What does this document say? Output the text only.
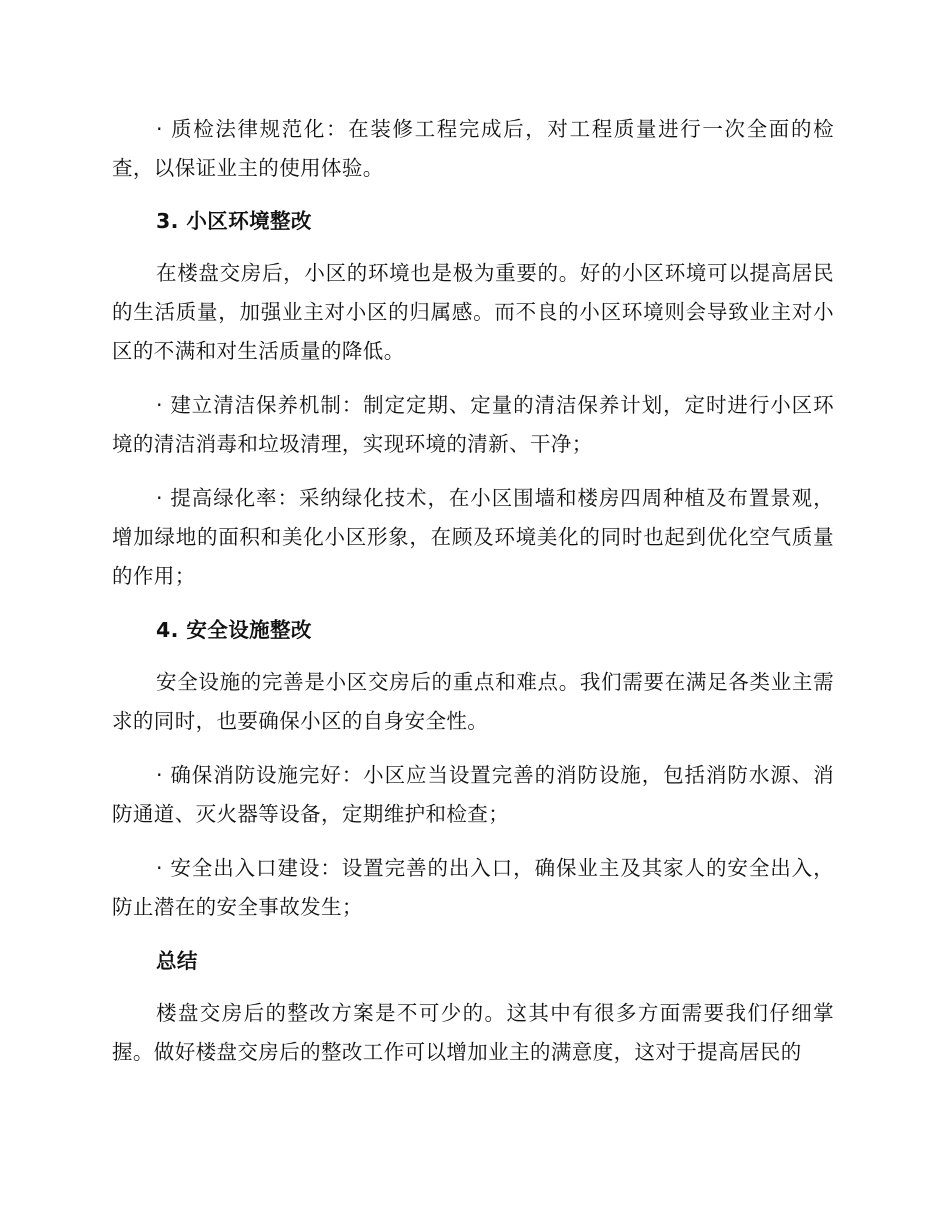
· 质检法律规范化：在装修工程完成后，对工程质量进行一次全面的检查，以保证业主的使用体验。

3. 小区环境整改

在楼盘交房后，小区的环境也是极为重要的。好的小区环境可以提高居民的生活质量，加强业主对小区的归属感。而不良的小区环境则会导致业主对小区的不满和对生活质量的降低。

· 建立清洁保养机制：制定定期、定量的清洁保养计划，定时进行小区环境的清洁消毒和垃圾清理，实现环境的清新、干净；

· 提高绿化率：采纳绿化技术，在小区围墙和楼房四周种植及布置景观，增加绿地的面积和美化小区形象，在顾及环境美化的同时也起到优化空气质量的作用；

4. 安全设施整改

安全设施的完善是小区交房后的重点和难点。我们需要在满足各类业主需求的同时，也要确保小区的自身安全性。

· 确保消防设施完好：小区应当设置完善的消防设施，包括消防水源、消防通道、灭火器等设备，定期维护和检查；

· 安全出入口建设：设置完善的出入口，确保业主及其家人的安全出入，防止潜在的安全事故发生；

总结

楼盘交房后的整改方案是不可少的。这其中有很多方面需要我们仔细掌握。做好楼盘交房后的整改工作可以增加业主的满意度，这对于提高居民的
